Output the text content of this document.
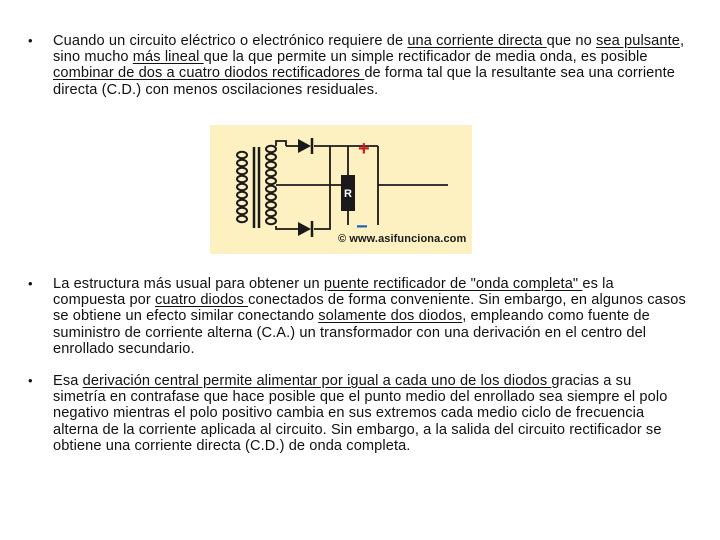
• Cuando un circuito eléctrico o electrónico requiere de una corriente directa que no sea pulsante, sino mucho más lineal que la que permite un simple rectificador de media onda, es posible combinar de dos a cuatro diodos rectificadores de forma tal que la resultante sea una corriente directa (C.D.) con menos oscilaciones residuales.
R
+
−
© www.asifunciona.com
• La estructura más usual para obtener un puente rectificador de "onda completa" es la compuesta por cuatro diodos conectados de forma conveniente. Sin embargo, en algunos casos se obtiene un efecto similar conectando solamente dos diodos, empleando como fuente de suministro de corriente alterna (C.A.) un transformador con una derivación en el centro del enrollado secundario.
• Esa derivación central permite alimentar por igual a cada uno de los diodos gracias a su simetría en contrafase que hace posible que el punto medio del enrollado sea siempre el polo negativo mientras el polo positivo cambia en sus extremos cada medio ciclo de frecuencia alterna de la corriente aplicada al circuito. Sin embargo, a la salida del circuito rectificador se obtiene una corriente directa (C.D.) de onda completa.
